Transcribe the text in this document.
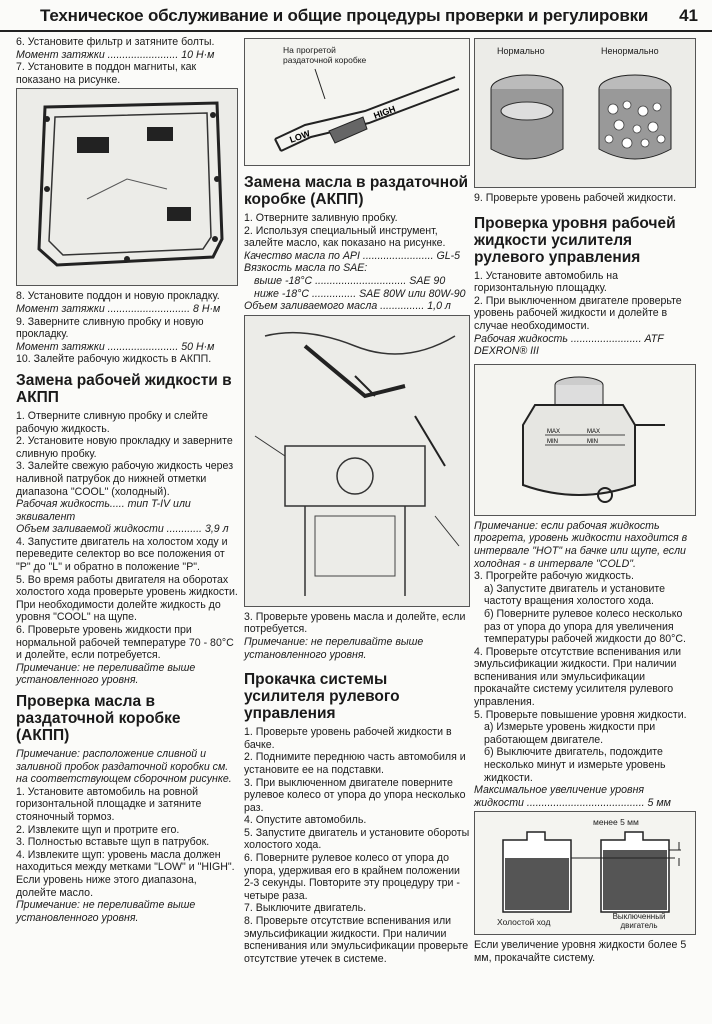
Техническое обслуживание и общие процедуры проверки и регулировки 41

6. Установите фильтр и затяните болты.

Момент затяжки ........................ 10 Н·м

7. Установите в поддон магниты, как показано на рисунке.

8. Установите поддон и новую прокладку.

Момент затяжки ............................ 8 Н·м

9. Заверните сливную пробку и новую прокладку.

Момент затяжки ........................ 50 Н·м

10. Залейте рабочую жидкость в АКПП.

Замена рабочей жидкости в АКПП

1. Отверните сливную пробку и слейте рабочую жидкость.

2. Установите новую прокладку и заверните сливную пробку.

3. Залейте свежую рабочую жидкость через наливной патрубок до нижней отметки диапазона "COOL" (холодный).

Рабочая жидкость..... тип T-IV или эквивалент

Объем заливаемой жидкости ............ 3,9 л

4. Запустите двигатель на холостом ходу и переведите селектор во все положения от "P" до "L" и обратно в положение "P".

5. Во время работы двигателя на оборотах холостого хода проверьте уровень жидкости. При необходимости долейте жидкость до уровня "COOL" на щупе.

6. Проверьте уровень жидкости при нормальной рабочей температуре 70 - 80°С и долейте, если потребуется.

Примечание: не переливайте выше установленного уровня.

Проверка масла в раздаточной коробке (АКПП)

Примечание: расположение сливной и заливной пробок раздаточной коробки см. на соответствующем сборочном рисунке.

1. Установите автомобиль на ровной горизонтальной площадке и затяните стояночный тормоз.

2. Извлеките щуп и протрите его.

3. Полностью вставьте щуп в патрубок.

4. Извлеките щуп: уровень масла должен находиться между метками "LOW" и "HIGH".

Если уровень ниже этого диапазона, долейте масло.

Примечание: не переливайте выше установленного уровня.

LOW
HIGH
На прогретой раздаточной коробке
Замена масла в раздаточной коробке (АКПП)

1. Отверните заливную пробку.

2. Используя специальный инструмент, залейте масло, как показано на рисунке.

Качество масла по API ........................ GL-5

Вязкость масла по SAE:

выше -18°С ............................... SAE 90

ниже -18°С ............... SAE 80W или 80W-90

Объем заливаемого масла ............... 1,0 л

3. Проверьте уровень масла и долейте, если потребуется.

Примечание: не переливайте выше установленного уровня.

Прокачка системы усилителя рулевого управления

1. Проверьте уровень рабочей жидкости в бачке.

2. Поднимите переднюю часть автомобиля и установите ее на подставки.

3. При выключенном двигателе поверните рулевое колесо от упора до упора несколько раз.

4. Опустите автомобиль.

5. Запустите двигатель и установите обороты холостого хода.

6. Поверните рулевое колесо от упора до упора, удерживая его в крайнем положении 2-3 секунды. Повторите эту процедуру три - четыре раза.

7. Выключите двигатель.

8. Проверьте отсутствие вспенивания или эмульсификации жидкости. При наличии вспенивания или эмульсификации проверьте отсутствие утечек в системе.

Нормально	Ненормально

9. Проверьте уровень рабочей жидкости.

Проверка уровня рабочей жидкости усилителя рулевого управления

1. Установите автомобиль на горизонтальную площадку.

2. При выключенном двигателе проверьте уровень рабочей жидкости и долейте в случае необходимости.

Рабочая жидкость ........................ ATF DEXRON® III

MAX
MIN
MAX
MIN

Примечание: если рабочая жидкость прогрета, уровень жидкости находится в интервале "HOT" на бачке или щупе, если холодная - в интервале "COLD".

3. Прогрейте рабочую жидкость.

а) Запустите двигатель и установите частоту вращения холостого хода.

б) Поверните рулевое колесо несколько раз от упора до упора для увеличения температуры рабочей жидкости до 80°С.

4. Проверьте отсутствие вспенивания или эмульсификации жидкости. При наличии вспенивания или эмульсификации прокачайте систему усилителя рулевого управления.

5. Проверьте повышение уровня жидкости.

а) Измерьте уровень жидкости при работающем двигателе.

б) Выключите двигатель, подождите несколько минут и измерьте уровень жидкости.

Максимальное увеличение уровня жидкости ........................................ 5 мм

менее 5 мм
Холостой ход
Выключенный двигатель

Если увеличение уровня жидкости более 5 мм, прокачайте систему.
